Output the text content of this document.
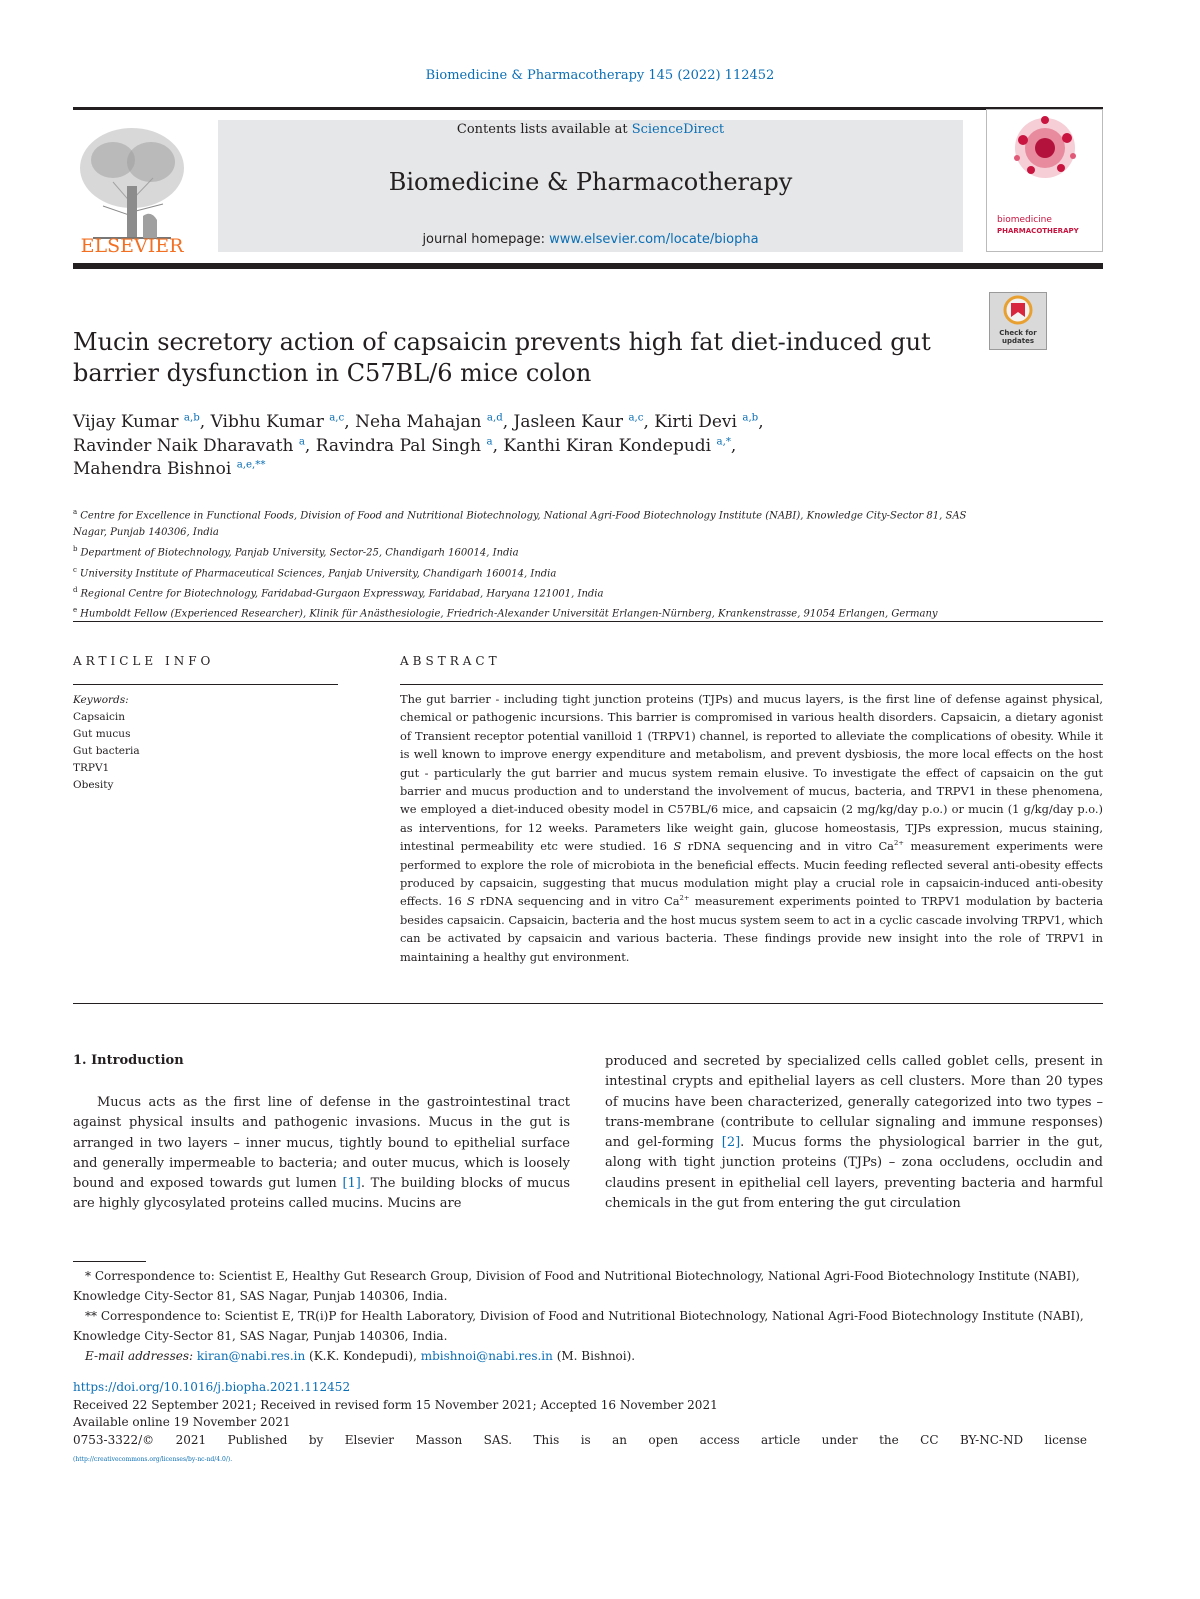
Biomedicine & Pharmacotherapy 145 (2022) 112452
ELSEVIER
Contents lists available at ScienceDirect
Biomedicine & Pharmacotherapy
journal homepage: www.elsevier.com/locate/biopha
biomedicine
PHARMACOTHERAPY
Check for
updates
Mucin secretory action of capsaicin prevents high fat diet-induced gut barrier dysfunction in C57BL/6 mice colon
Vijay Kumar $^{a,b}$, Vibhu Kumar $^{a,c}$, Neha Mahajan $^{a,d}$, Jasleen Kaur $^{a,c}$, Kirti Devi $^{a,b}$,
Ravinder Naik Dharavath $^a$, Ravindra Pal Singh $^a$, Kanthi Kiran Kondepudi $^{a,*}$,
Mahendra Bishnoi $^{a,e,**}$
$^a$ Centre for Excellence in Functional Foods, Division of Food and Nutritional Biotechnology, National Agri-Food Biotechnology Institute (NABI), Knowledge City-Sector 81, SAS Nagar, Punjab 140306, India
$^b$ Department of Biotechnology, Panjab University, Sector-25, Chandigarh 160014, India
$^c$ University Institute of Pharmaceutical Sciences, Panjab University, Chandigarh 160014, India
$^d$ Regional Centre for Biotechnology, Faridabad-Gurgaon Expressway, Faridabad, Haryana 121001, India
$^e$ Humboldt Fellow (Experienced Researcher), Klinik für Anästhesiologie, Friedrich-Alexander Universität Erlangen-Nürnberg, Krankenstrasse, 91054 Erlangen, Germany
ARTICLE INFO	ABSTRACT
Keywords:
Capsaicin
Gut mucus
Gut bacteria
TRPV1
Obesity
The gut barrier - including tight junction proteins (TJPs) and mucus layers, is the first line of defense against physical, chemical or pathogenic incursions. This barrier is compromised in various health disorders. Capsaicin, a dietary agonist of Transient receptor potential vanilloid 1 (TRPV1) channel, is reported to alleviate the complications of obesity. While it is well known to improve energy expenditure and metabolism, and prevent dysbiosis, the more local effects on the host gut - particularly the gut barrier and mucus system remain elusive. To investigate the effect of capsaicin on the gut barrier and mucus production and to understand the involvement of mucus, bacteria, and TRPV1 in these phenomena, we employed a diet-induced obesity model in C57BL/6 mice, and capsaicin (2 mg/kg/day p.o.) or mucin (1 g/kg/day p.o.) as interventions, for 12 weeks. Parameters like weight gain, glucose homeostasis, TJPs expression, mucus staining, intestinal permeability etc were studied. 16 S rDNA sequencing and in vitro $Ca^{2+}$ measurement experiments were performed to explore the role of microbiota in the beneficial effects. Mucin feeding reflected several anti-obesity effects produced by capsaicin, suggesting that mucus modulation might play a crucial role in capsaicin-induced anti-obesity effects. 16 S rDNA sequencing and in vitro $Ca^{2+}$ measurement experiments pointed to TRPV1 modulation by bacteria besides capsaicin. Capsaicin, bacteria and the host mucus system seem to act in a cyclic cascade involving TRPV1, which can be activated by capsaicin and various bacteria. These findings provide new insight into the role of TRPV1 in maintaining a healthy gut environment.
1. Introduction
Mucus acts as the first line of defense in the gastrointestinal tract against physical insults and pathogenic invasions. Mucus in the gut is arranged in two layers – inner mucus, tightly bound to epithelial surface and generally impermeable to bacteria; and outer mucus, which is loosely bound and exposed towards gut lumen [1]. The building blocks of mucus are highly glycosylated proteins called mucins. Mucins are
produced and secreted by specialized cells called goblet cells, present in intestinal crypts and epithelial layers as cell clusters. More than 20 types of mucins have been characterized, generally categorized into two types – trans-membrane (contribute to cellular signaling and immune responses) and gel-forming [2]. Mucus forms the physiological barrier in the gut, along with tight junction proteins (TJPs) – zona occludens, occludin and claudins present in epithelial cell layers, preventing bacteria and harmful chemicals in the gut from entering the gut circulation

* Correspondence to: Scientist E, Healthy Gut Research Group, Division of Food and Nutritional Biotechnology, National Agri-Food Biotechnology Institute (NABI), Knowledge City-Sector 81, SAS Nagar, Punjab 140306, India.

** Correspondence to: Scientist E, TR(i)P for Health Laboratory, Division of Food and Nutritional Biotechnology, National Agri-Food Biotechnology Institute (NABI), Knowledge City-Sector 81, SAS Nagar, Punjab 140306, India.

E-mail addresses: kiran@nabi.res.in (K.K. Kondepudi), mbishnoi@nabi.res.in (M. Bishnoi).

https://doi.org/10.1016/j.biopha.2021.112452
Received 22 September 2021; Received in revised form 15 November 2021; Accepted 16 November 2021
Available online 19 November 2021
0753-3322/© 2021 Published by Elsevier Masson SAS. This is an open access article under the CC BY-NC-ND license
(http://creativecommons.org/licenses/by-nc-nd/4.0/).
